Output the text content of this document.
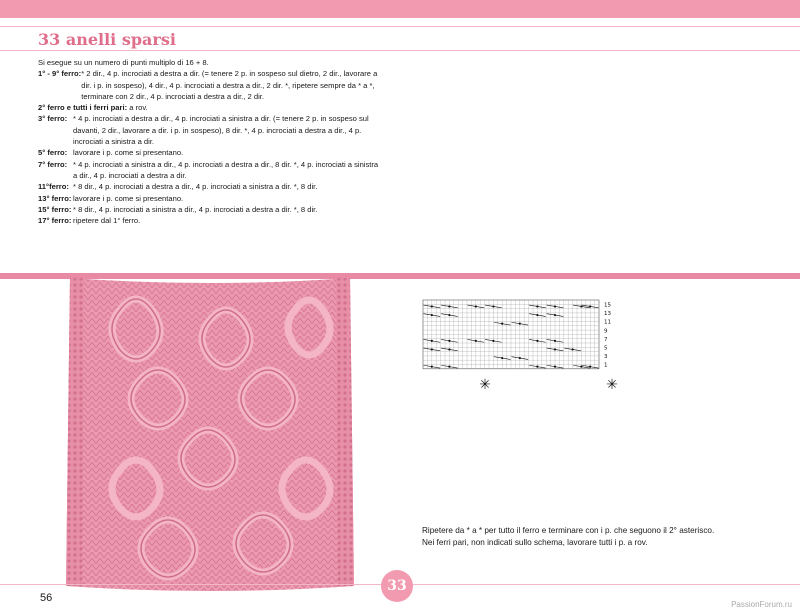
33 anelli sparsi

Si esegue su un numero di punti multiplo di 16 + 8.

1° - 9° ferro: * 2 dir., 4 p. incrociati a destra a dir. (= tenere 2 p. in sospeso sul dietro, 2 dir., lavorare a dir. i p. in sospeso), 4 dir., 4 p. incrociati a destra a dir., 2 dir. *, ripetere sempre da * a *, terminare con 2 dir., 4 p. incrociati a destra a dir., 2 dir.

2° ferro e tutti i ferri pari: a rov.

3° ferro: * 4 p. incrociati a destra a dir., 4 p. incrociati a sinistra a dir. (= tenere 2 p. in sospeso sul davanti, 2 dir., lavorare a dir. i p. in sospeso), 8 dir. *, 4 p. incrociati a destra a dir., 4 p. incrociati a sinistra a dir.
5° ferro: lavorare i p. come si presentano.
7° ferro: * 4 p. incrociati a sinistra a dir., 4 p. incrociati a destra a dir., 8 dir. *, 4 p. incrociati a sinistra a dir., 4 p. incrociati a destra a dir.
11°ferro: * 8 dir., 4 p. incrociati a destra a dir., 4 p. incrociati a sinistra a dir. *, 8 dir.
13° ferro: lavorare i p. come si presentano.
15° ferro: * 8 dir., 4 p. incrociati a sinistra a dir., 4 p. incrociati a destra a dir. *, 8 dir.
17° ferro: ripetere dal 1° ferro.
15
13
11
9
7
5
3
1
✳	✳

Ripetere da * a * per tutto il ferro e terminare con i p. che seguono il 2° asterisco.

Nei ferri pari, non indicati sullo schema, lavorare tutti i p. a rov.

56
33
PassionForum.ru
